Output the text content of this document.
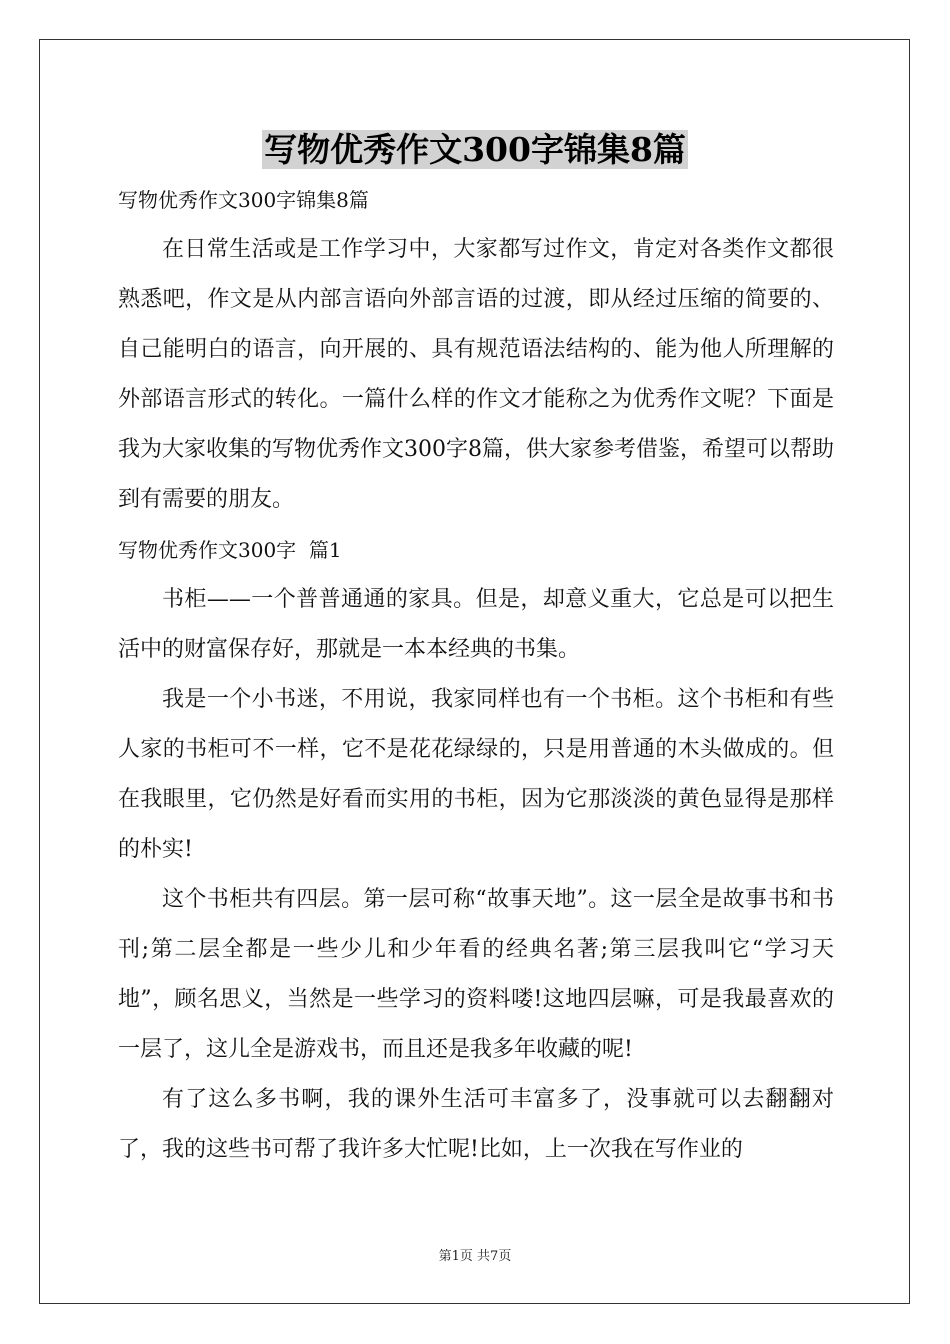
写物优秀作文300字锦集8篇

写物优秀作文300字锦集8篇

在日常生活或是工作学习中，大家都写过作文，肯定对各类作文都很熟悉吧，作文是从内部言语向外部言语的过渡，即从经过压缩的简要的、自己能明白的语言，向开展的、具有规范语法结构的、能为他人所理解的外部语言形式的转化。一篇什么样的作文才能称之为优秀作文呢？下面是我为大家收集的写物优秀作文300字8篇，供大家参考借鉴，希望可以帮助到有需要的朋友。

写物优秀作文300字  篇1

书柜——一个普普通通的家具。但是，却意义重大，它总是可以把生活中的财富保存好，那就是一本本经典的书集。

我是一个小书迷，不用说，我家同样也有一个书柜。这个书柜和有些人家的书柜可不一样，它不是花花绿绿的，只是用普通的木头做成的。但在我眼里，它仍然是好看而实用的书柜，因为它那淡淡的黄色显得是那样的朴实!

这个书柜共有四层。第一层可称“故事天地”。这一层全是故事书和书刊;第二层全都是一些少儿和少年看的经典名著;第三层我叫它“学习天地”，顾名思义，当然是一些学习的资料喽!这地四层嘛，可是我最喜欢的一层了，这儿全是游戏书，而且还是我多年收藏的呢!

有了这么多书啊，我的课外生活可丰富多了，没事就可以去翻翻对了，我的这些书可帮了我许多大忙呢!比如，上一次我在写作业的

第1页 共7页
